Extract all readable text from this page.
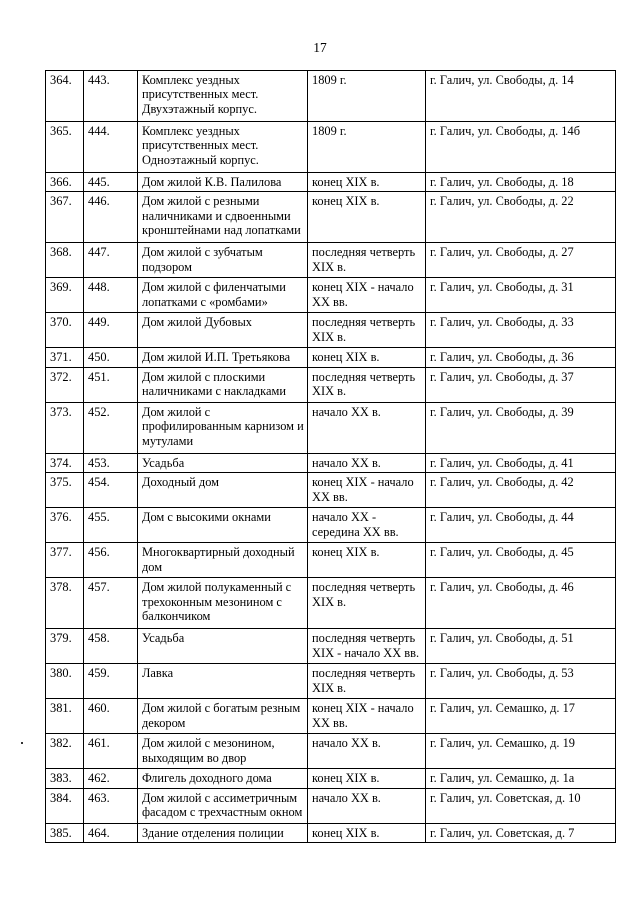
17
364.	443.	Комплекс уездных присутственных мест. Двухэтажный корпус.	1809 г.	г. Галич, ул. Свободы, д. 14
365.	444.	Комплекс уездных присутственных мест. Одноэтажный корпус.	1809 г.	г. Галич, ул. Свободы, д. 14б
366.	445.	Дом жилой К.В. Палилова	конец XIX в.	г. Галич, ул. Свободы, д. 18
367.	446.	Дом жилой с резными наличниками и сдвоенными кронштейнами над лопатками	конец XIX в.	г. Галич, ул. Свободы, д. 22
368.	447.	Дом жилой с зубчатым подзором	последняя четверть XIX в.	г. Галич, ул. Свободы, д. 27
369.	448.	Дом жилой с филенчатыми лопатками с «ромбами»	конец XIX - начало XX вв.	г. Галич, ул. Свободы, д. 31
370.	449.	Дом жилой Дубовых	последняя четверть XIX в.	г. Галич, ул. Свободы, д. 33
371.	450.	Дом жилой И.П. Третьякова	конец XIX в.	г. Галич, ул. Свободы, д. 36
372.	451.	Дом жилой с плоскими наличниками с накладками	последняя четверть XIX в.	г. Галич, ул. Свободы, д. 37
373.	452.	Дом жилой с профилированным карнизом и мутулами	начало XX в.	г. Галич, ул. Свободы, д. 39
374.	453.	Усадьба	начало XX в.	г. Галич, ул. Свободы, д. 41
375.	454.	Доходный дом	конец XIX - начало XX вв.	г. Галич, ул. Свободы, д. 42
376.	455.	Дом с высокими окнами	начало XX - середина XX вв.	г. Галич, ул. Свободы, д. 44
377.	456.	Многоквартирный доходный дом	конец XIX в.	г. Галич, ул. Свободы, д. 45
378.	457.	Дом жилой полукаменный с трехоконным мезонином с балкончиком	последняя четверть XIX в.	г. Галич, ул. Свободы, д. 46
379.	458.	Усадьба	последняя четверть XIX - начало XX вв.	г. Галич, ул. Свободы, д. 51
380.	459.	Лавка	последняя четверть XIX в.	г. Галич, ул. Свободы, д. 53
381.	460.	Дом жилой с богатым резным декором	конец XIX - начало XX вв.	г. Галич, ул. Семашко, д. 17
382.	461.	Дом жилой с мезонином, выходящим во двор	начало XX в.	г. Галич, ул. Семашко, д. 19
383.	462.	Флигель доходного дома	конец XIX в.	г. Галич, ул. Семашко, д. 1а
384.	463.	Дом жилой с ассиметричным фасадом с трехчастным окном	начало XX в.	г. Галич, ул. Советская, д. 10
385.	464.	Здание отделения полиции	конец XIX в.	г. Галич, ул. Советская, д. 7
